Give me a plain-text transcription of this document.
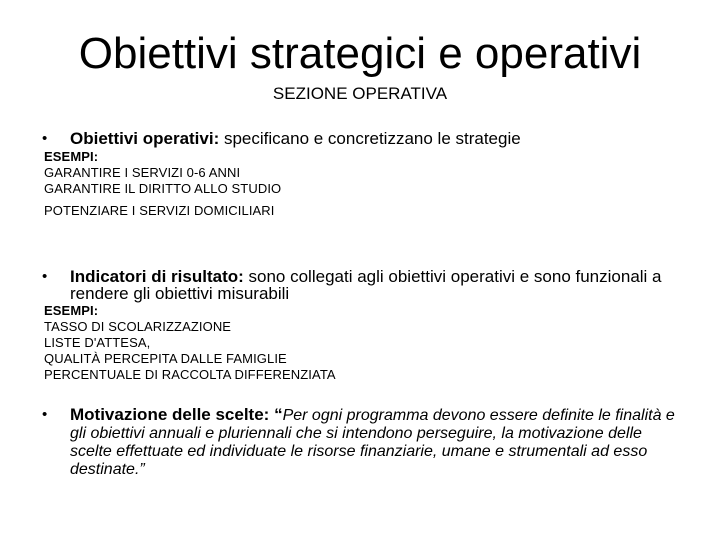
Obiettivi strategici e operativi
SEZIONE OPERATIVA
• Obiettivi operativi: specificano e concretizzano le strategie
ESEMPI:
GARANTIRE I SERVIZI 0-6 ANNI
GARANTIRE IL DIRITTO ALLO STUDIO
POTENZIARE I SERVIZI DOMICILIARI
• Indicatori di risultato: sono collegati agli obiettivi operativi e sono funzionali a rendere gli obiettivi misurabili
ESEMPI:
TASSO DI SCOLARIZZAZIONE
LISTE D'ATTESA,
QUALITÀ PERCEPITA DALLE FAMIGLIE
PERCENTUALE DI RACCOLTA DIFFERENZIATA
• Motivazione delle scelte: “Per ogni programma devono essere definite le finalità e gli obiettivi annuali e pluriennali che si intendono perseguire, la motivazione delle scelte effettuate ed individuate le risorse finanziarie, umane e strumentali ad esso destinate.”
